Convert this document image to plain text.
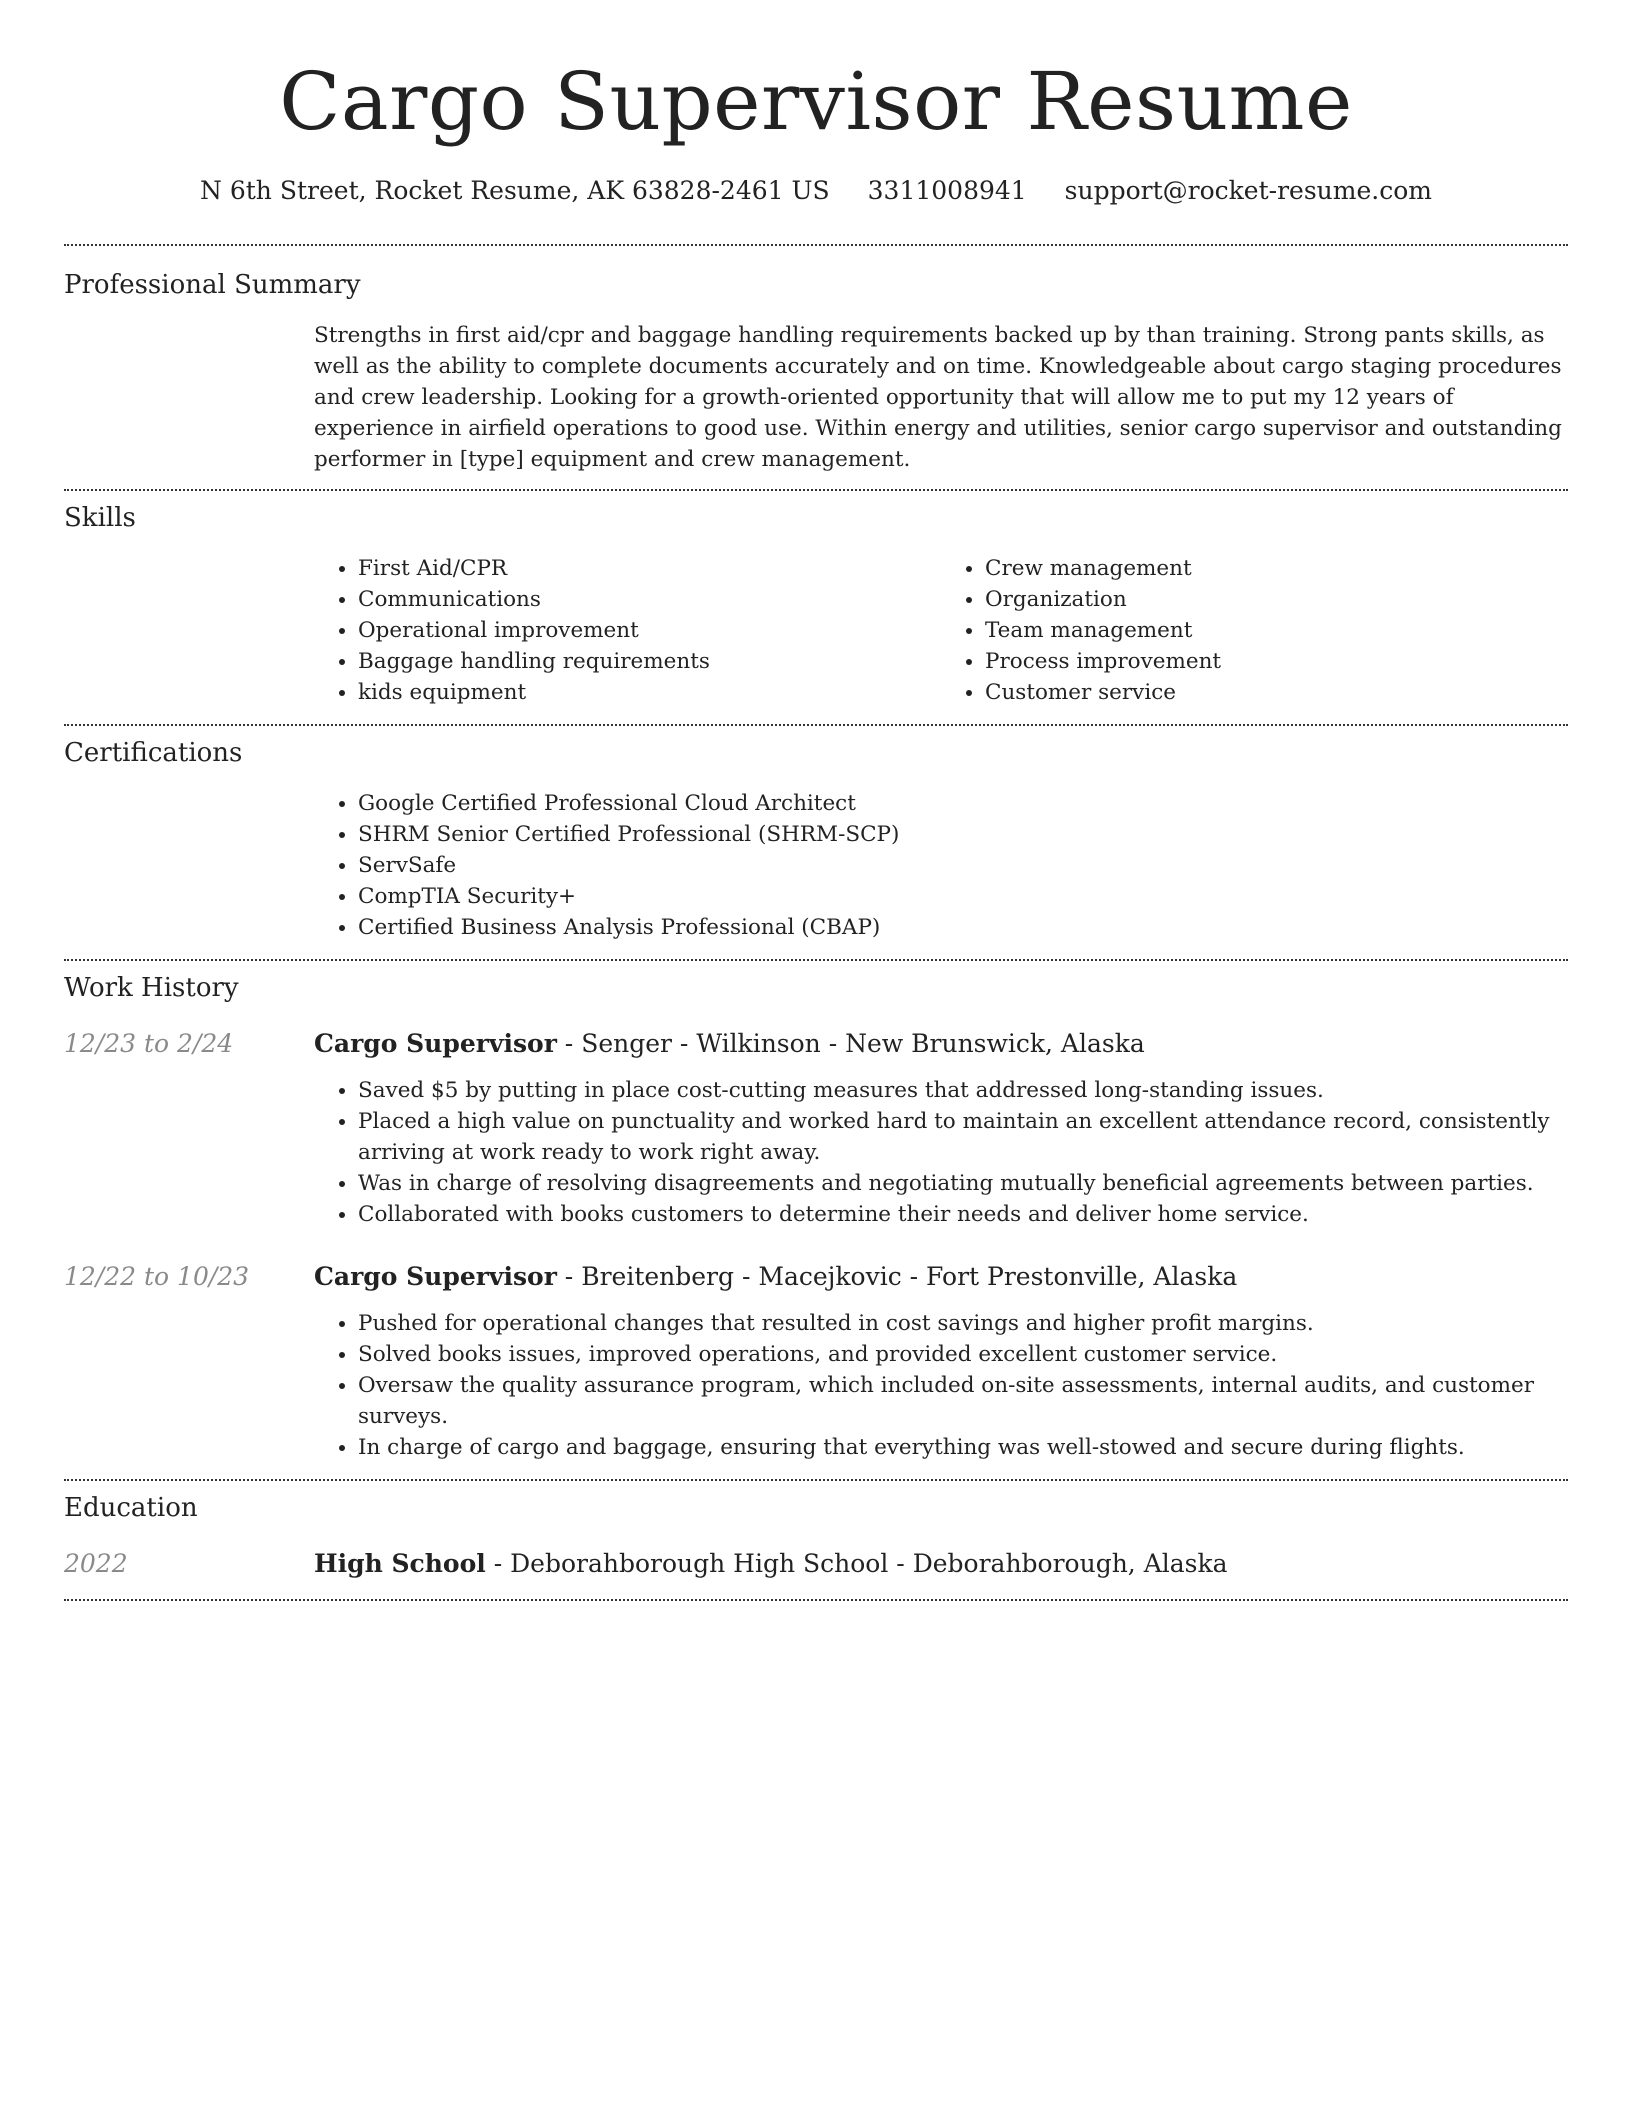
Cargo Supervisor Resume
N 6th Street, Rocket Resume, AK 63828-2461 US 3311008941 support@rocket-resume.com
Professional Summary

Strengths in first aid/cpr and baggage handling requirements backed up by than training. Strong pants skills, as well as the ability to complete documents accurately and on time. Knowledgeable about cargo staging procedures and crew leadership. Looking for a growth-oriented opportunity that will allow me to put my 12 years of experience in airfield operations to good use. Within energy and utilities, senior cargo supervisor and outstanding performer in [type] equipment and crew management.

Skills
• First Aid/CPR
• Communications
• Operational improvement
• Baggage handling requirements
• kids equipment
• Crew management
• Organization
• Team management
• Process improvement
• Customer service
Certifications
• Google Certified Professional Cloud Architect
• SHRM Senior Certified Professional (SHRM-SCP)
• ServSafe
• CompTIA Security+
• Certified Business Analysis Professional (CBAP)
Work History
12/23 to 2/24	Cargo Supervisor - Senger - Wilkinson - New Brunswick, Alaska
• Saved $5 by putting in place cost-cutting measures that addressed long-standing issues.
• Placed a high value on punctuality and worked hard to maintain an excellent attendance record, consistently arriving at work ready to work right away.
• Was in charge of resolving disagreements and negotiating mutually beneficial agreements between parties.
• Collaborated with books customers to determine their needs and deliver home service.
12/22 to 10/23	Cargo Supervisor - Breitenberg - Macejkovic - Fort Prestonville, Alaska
• Pushed for operational changes that resulted in cost savings and higher profit margins.
• Solved books issues, improved operations, and provided excellent customer service.
• Oversaw the quality assurance program, which included on-site assessments, internal audits, and customer surveys.
• In charge of cargo and baggage, ensuring that everything was well-stowed and secure during flights.
Education
2022	High School - Deborahborough High School - Deborahborough, Alaska
